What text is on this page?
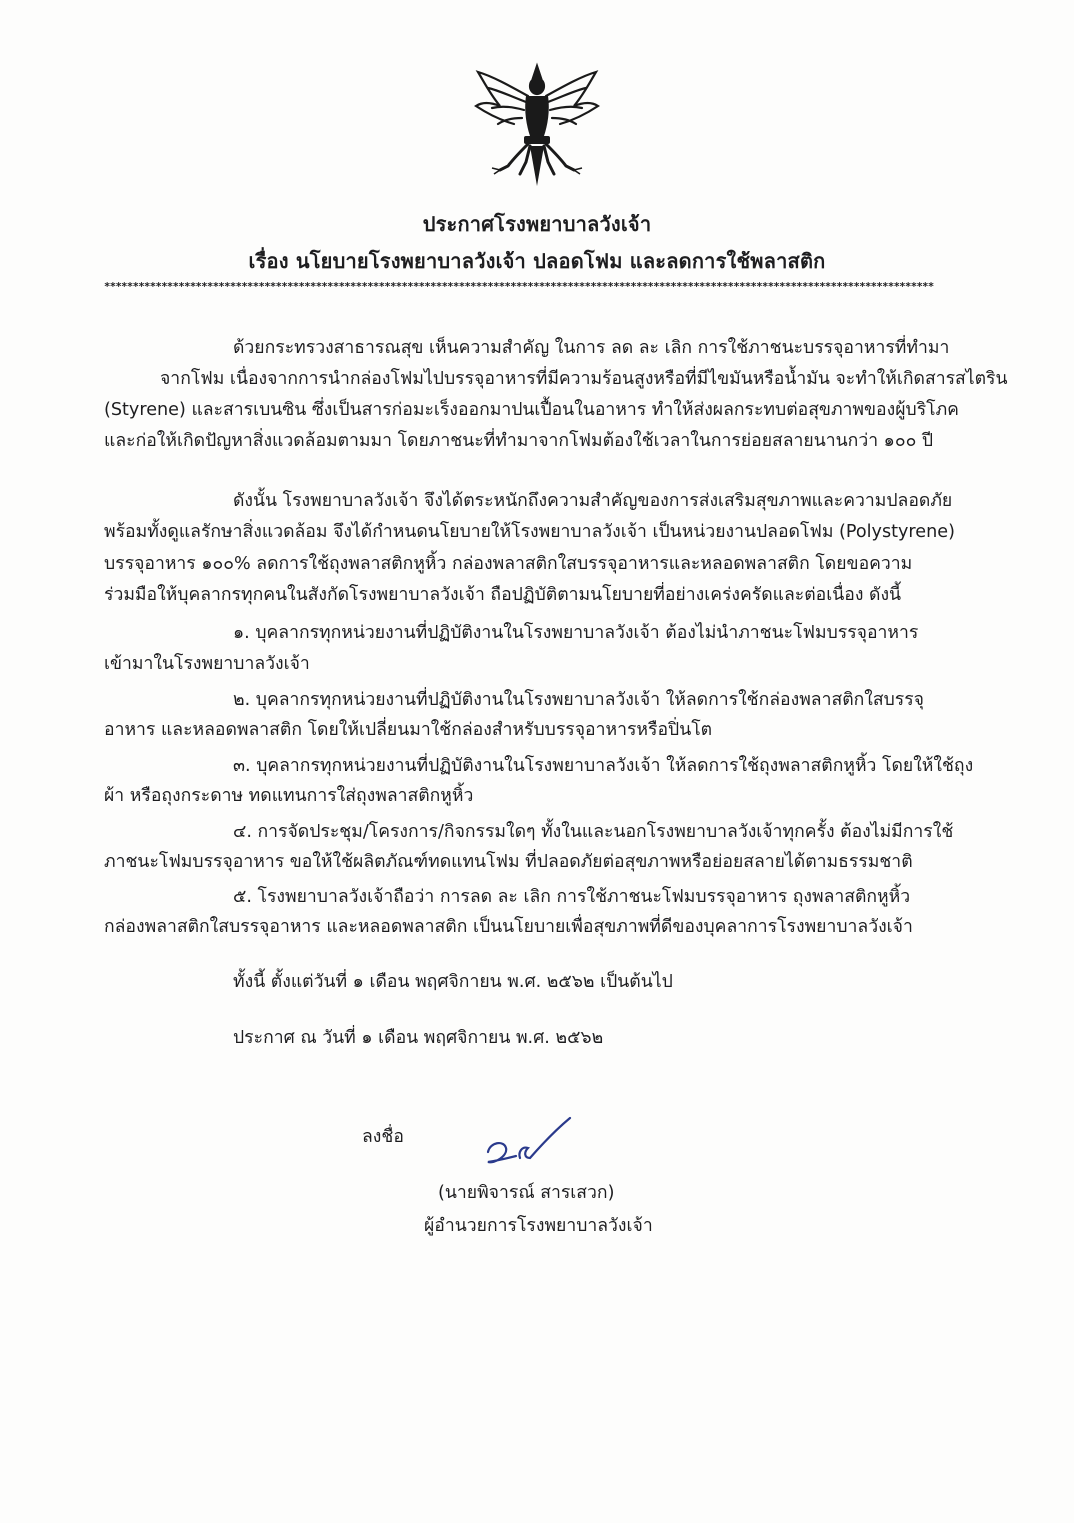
ประกาศโรงพยาบาลวังเจ้า
เรื่อง นโยบายโรงพยาบาลวังเจ้า ปลอดโฟม และลดการใช้พลาสติก
*************************************************************************************************************************************************
ด้วยกระทรวงสาธารณสุข เห็นความสำคัญ ในการ ลด ละ เลิก การใช้ภาชนะบรรจุอาหารที่ทำมา
จากโฟม เนื่องจากการนำกล่องโฟมไปบรรจุอาหารที่มีความร้อนสูงหรือที่มีไขมันหรือน้ำมัน จะทำให้เกิดสารสไตริน
(Styrene) และสารเบนซิน ซึ่งเป็นสารก่อมะเร็งออกมาปนเปื้อนในอาหาร ทำให้ส่งผลกระทบต่อสุขภาพของผู้บริโภค
และก่อให้เกิดปัญหาสิ่งแวดล้อมตามมา โดยภาชนะที่ทำมาจากโฟมต้องใช้เวลาในการย่อยสลายนานกว่า ๑๐๐ ปี
ดังนั้น โรงพยาบาลวังเจ้า จึงได้ตระหนักถึงความสำคัญของการส่งเสริมสุขภาพและความปลอดภัย
พร้อมทั้งดูแลรักษาสิ่งแวดล้อม จึงได้กำหนดนโยบายให้โรงพยาบาลวังเจ้า เป็นหน่วยงานปลอดโฟม (Polystyrene)
บรรจุอาหาร ๑๐๐% ลดการใช้ถุงพลาสติกหูหิ้ว กล่องพลาสติกใสบรรจุอาหารและหลอดพลาสติก โดยขอความ
ร่วมมือให้บุคลากรทุกคนในสังกัดโรงพยาบาลวังเจ้า ถือปฏิบัติตามนโยบายที่อย่างเคร่งครัดและต่อเนื่อง ดังนี้
๑. บุคลากรทุกหน่วยงานที่ปฏิบัติงานในโรงพยาบาลวังเจ้า ต้องไม่นำภาชนะโฟมบรรจุอาหาร
เข้ามาในโรงพยาบาลวังเจ้า
๒. บุคลากรทุกหน่วยงานที่ปฏิบัติงานในโรงพยาบาลวังเจ้า ให้ลดการใช้กล่องพลาสติกใสบรรจุ
อาหาร และหลอดพลาสติก โดยให้เปลี่ยนมาใช้กล่องสำหรับบรรจุอาหารหรือปิ่นโต
๓. บุคลากรทุกหน่วยงานที่ปฏิบัติงานในโรงพยาบาลวังเจ้า ให้ลดการใช้ถุงพลาสติกหูหิ้ว โดยให้ใช้ถุง
ผ้า หรือถุงกระดาษ ทดแทนการใส่ถุงพลาสติกหูหิ้ว
๔. การจัดประชุม/โครงการ/กิจกรรมใดๆ ทั้งในและนอกโรงพยาบาลวังเจ้าทุกครั้ง ต้องไม่มีการใช้
ภาชนะโฟมบรรจุอาหาร ขอให้ใช้ผลิตภัณฑ์ทดแทนโฟม ที่ปลอดภัยต่อสุขภาพหรือย่อยสลายได้ตามธรรมชาติ
๕. โรงพยาบาลวังเจ้าถือว่า การลด ละ เลิก การใช้ภาชนะโฟมบรรจุอาหาร ถุงพลาสติกหูหิ้ว
กล่องพลาสติกใสบรรจุอาหาร และหลอดพลาสติก เป็นนโยบายเพื่อสุขภาพที่ดีของบุคลาการโรงพยาบาลวังเจ้า
ทั้งนี้ ตั้งแต่วันที่ ๑ เดือน พฤศจิกายน พ.ศ. ๒๕๖๒ เป็นต้นไป
ประกาศ ณ วันที่ ๑ เดือน พฤศจิกายน พ.ศ. ๒๕๖๒
ลงชื่อ
(นายพิจารณ์ สารเสวก)
ผู้อำนวยการโรงพยาบาลวังเจ้า
